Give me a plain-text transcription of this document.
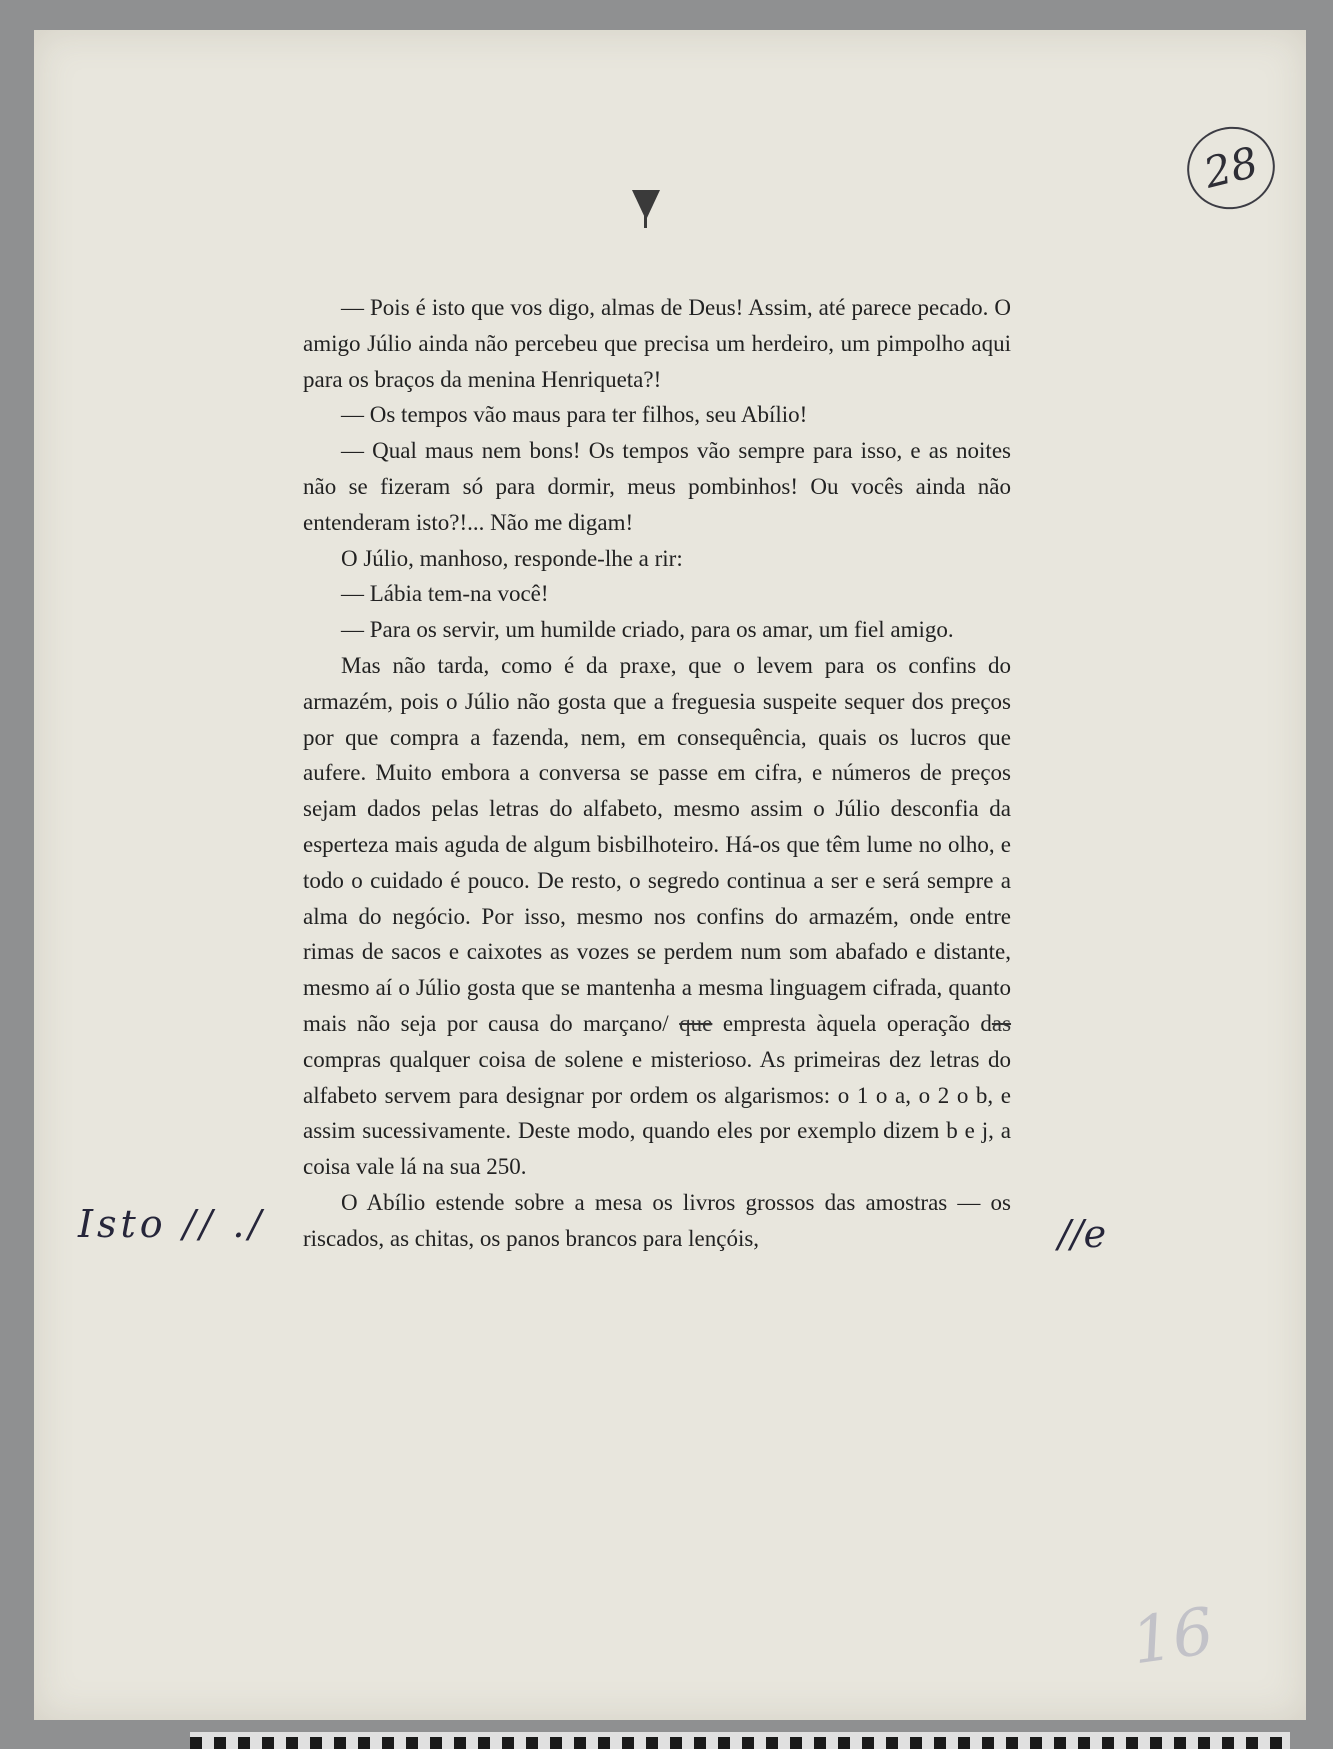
28

— Pois é isto que vos digo, almas de Deus! Assim, até parece pecado. O amigo Júlio ainda não percebeu que precisa um herdeiro, um pimpolho aqui para os braços da menina Henriqueta?!

— Os tempos vão maus para ter filhos, seu Abílio!

— Qual maus nem bons! Os tempos vão sempre para isso, e as noites não se fizeram só para dormir, meus pombinhos! Ou vocês ainda não entenderam isto?!... Não me digam!

O Júlio, manhoso, responde-lhe a rir:

— Lábia tem-na você!

— Para os servir, um humilde criado, para os amar, um fiel amigo.

Mas não tarda, como é da praxe, que o levem para os confins do armazém, pois o Júlio não gosta que a freguesia suspeite sequer dos preços por que compra a fazenda, nem, em consequência, quais os lucros que aufere. Muito embora a conversa se passe em cifra, e números de preços sejam dados pelas letras do alfabeto, mesmo assim o Júlio desconfia da esperteza mais aguda de algum bisbilhoteiro. Há-os que têm lume no olho, e todo o cuidado é pouco. De resto, o segredo continua a ser e será sempre a alma do negócio. Por isso, mesmo nos confins do armazém, onde entre rimas de sacos e caixotes as vozes se perdem num som abafado e distante, mesmo aí o Júlio gosta que se mantenha a mesma linguagem cifrada, quanto mais não seja por causa do marçano/ que empresta àquela operação das compras qualquer coisa de solene e misterioso. As primeiras dez letras do alfabeto servem para designar por ordem os algarismos: o 1 o a, o 2 o b, e assim sucessivamente. Deste modo, quando eles por exemplo dizem b e j, a coisa vale lá na sua 250.

O Abílio estende sobre a mesa os livros grossos das amostras — os riscados, as chitas, os panos brancos para lençóis,

Isto // ./	//e
16
